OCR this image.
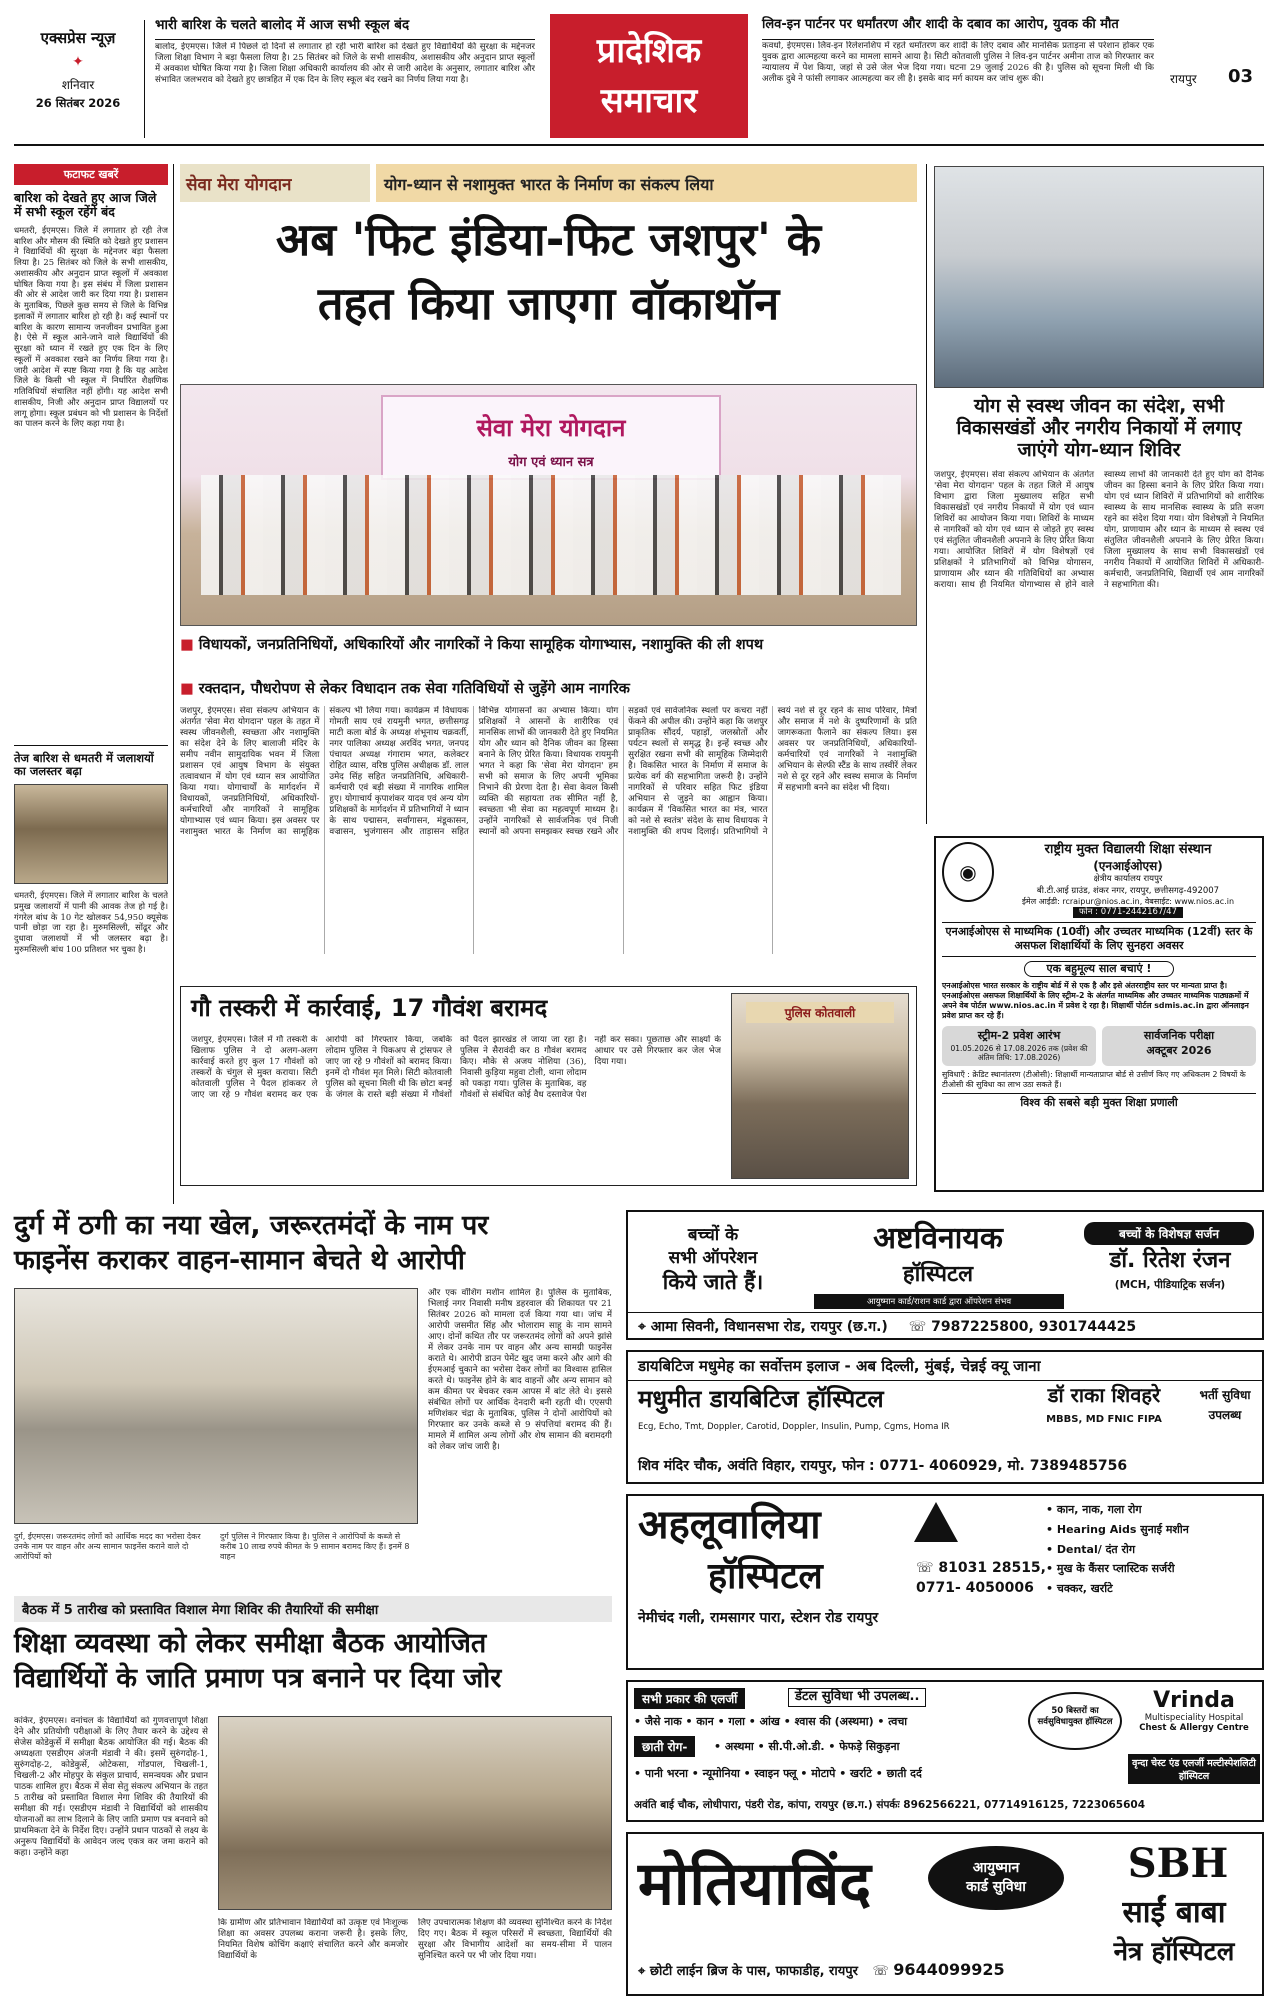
एक्सप्रेस न्यूज़
✦
शनिवार
26 सितंबर 2026
भारी बारिश के चलते बालोद में आज सभी स्कूल बंद
बालोद, ईएमएस। जिले में पिछले दो दिनों से लगातार हो रही भारी बारिश को देखते हुए विद्यार्थियों की सुरक्षा के मद्देनजर जिला शिक्षा विभाग ने बड़ा फैसला लिया है। 25 सितंबर को जिले के सभी शासकीय, अशासकीय और अनुदान प्राप्त स्कूलों में अवकाश घोषित किया गया है। जिला शिक्षा अधिकारी कार्यालय की ओर से जारी आदेश के अनुसार, लगातार बारिश और संभावित जलभराव को देखते हुए छात्रहित में एक दिन के लिए स्कूल बंद रखने का निर्णय लिया गया है।
प्रादेशिक
समाचार
लिव-इन पार्टनर पर धर्मांतरण और शादी के दबाव का आरोप, युवक की मौत
कवर्धा, ईएमएस। लिव-इन रिलेशनशिप में रहते धर्मांतरण कर शादी के लिए दबाव और मानसिक प्रताड़ना से परेशान होकर एक युवक द्वारा आत्महत्या करने का मामला सामने आया है। सिटी कोतवाली पुलिस ने लिव-इन पार्टनर अमीना ताज को गिरफ्तार कर न्यायालय में पेश किया, जहां से उसे जेल भेज दिया गया। घटना 29 जुलाई 2026 की है। पुलिस को सूचना मिली थी कि अलीक दुबे ने फांसी लगाकर आत्महत्या कर ली है। इसके बाद मर्ग कायम कर जांच शुरू की।	रायपुर 03
फटाफट खबरें
बारिश को देखते हुए आज जिले में सभी स्कूल रहेंगे बंद
धमतरी, ईएमएस। जिले में लगातार हो रही तेज बारिश और मौसम की स्थिति को देखते हुए प्रशासन ने विद्यार्थियों की सुरक्षा के मद्देनजर बड़ा फैसला लिया है। 25 सितंबर को जिले के सभी शासकीय, अशासकीय और अनुदान प्राप्त स्कूलों में अवकाश घोषित किया गया है। इस संबंध में जिला प्रशासन की ओर से आदेश जारी कर दिया गया है। प्रशासन के मुताबिक, पिछले कुछ समय से जिले के विभिन्न इलाकों में लगातार बारिश हो रही है। कई स्थानों पर बारिश के कारण सामान्य जनजीवन प्रभावित हुआ है। ऐसे में स्कूल आने-जाने वाले विद्यार्थियों की सुरक्षा को ध्यान में रखते हुए एक दिन के लिए स्कूलों में अवकाश रखने का निर्णय लिया गया है। जारी आदेश में स्पष्ट किया गया है कि यह आदेश जिले के किसी भी स्कूल में निर्धारित शैक्षणिक गतिविधियों संचालित नहीं होंगी। यह आदेश सभी शासकीय, निजी और अनुदान प्राप्त विद्यालयों पर लागू होगा। स्कूल प्रबंधन को भी प्रशासन के निर्देशों का पालन करने के लिए कहा गया है।
तेज बारिश से धमतरी में जलाशयों का जलस्तर बढ़ा
धमतरी, ईएमएस। जिले में लगातार बारिश के चलते प्रमुख जलाशयों में पानी की आवक तेज हो गई है। गंगरेल बांध के 10 गेट खोलकर 54,950 क्यूसेक पानी छोड़ा जा रहा है। मुरुमसिल्ली, सोंढूर और दुधावा जलाशयों में भी जलस्तर बढ़ा है। मुरुमसिल्ली बांध 100 प्रतिशत भर चुका है।
सेवा मेरा योगदान	योग-ध्यान से नशामुक्त भारत के निर्माण का संकल्प लिया
अब 'फिट इंडिया-फिट जशपुर' के
तहत किया जाएगा वॉकाथॉन
सेवा मेरा योगदान
योग एवं ध्यान सत्र
■ विधायकों, जनप्रतिनिधियों, अधिकारियों और नागरिकों ने किया सामूहिक योगाभ्यास, नशामुक्ति की ली शपथ
■ रक्तदान, पौधरोपण से लेकर विधादान तक सेवा गतिविधियों से जुड़ेंगे आम नागरिक
जशपुर, ईएमएस। सेवा संकल्प अभियान के अंतर्गत 'सेवा मेरा योगदान' पहल के तहत में स्वस्थ जीवनशैली, स्वच्छता और नशामुक्ति का संदेश देने के लिए बालाजी मंदिर के समीप नवीन सामुदायिक भवन में जिला प्रशासन एवं आयुष विभाग के संयुक्त तत्वावधान में योग एवं ध्यान सत्र आयोजित किया गया। योगाचार्यों के मार्गदर्शन में विधायकों, जनप्रतिनिधियों, अधिकारियों-कर्मचारियों और नागरिकों ने सामूहिक योगाभ्यास एवं ध्यान किया। इस अवसर पर नशामुक्त भारत के निर्माण का सामूहिक संकल्प भी लिया गया। कार्यक्रम में विधायक गोमती साय एवं रायमुनी भगत, छत्तीसगढ़ माटी कला बोर्ड के अध्यक्ष शंभूनाथ चक्रवर्ती, नगर पालिका अध्यक्ष अरविंद भगत, जनपद पंचायत अध्यक्ष गंगाराम भगत, कलेक्टर रोहित व्यास, वरिष्ठ पुलिस अधीक्षक डॉ. लाल उमेद सिंह सहित जनप्रतिनिधि, अधिकारी-कर्मचारी एवं बड़ी संख्या में नागरिक शामिल हुए। योगाचार्य कृपाशंकर यादव एवं अन्य योग प्रशिक्षकों के मार्गदर्शन में प्रतिभागियों ने ध्यान के साथ पद्मासन, सर्वांगासन, मंडूकासन, वज्रासन, भुजंगासन और ताड़ासन सहित विभिन्न योगासनों का अभ्यास किया। योग प्रशिक्षकों ने आसनों के शारीरिक एवं मानसिक लाभों की जानकारी देते हुए नियमित योग और ध्यान को दैनिक जीवन का हिस्सा बनाने के लिए प्रेरित किया। विधायक रायमुनी भगत ने कहा कि 'सेवा मेरा योगदान' हम सभी को समाज के लिए अपनी भूमिका निभाने की प्रेरणा देता है। सेवा केवल किसी व्यक्ति की सहायता तक सीमित नहीं है, स्वच्छता भी सेवा का महत्वपूर्ण माध्यम है। उन्होंने नागरिकों से सार्वजनिक एवं निजी स्थानों को अपना समझकर स्वच्छ रखने और सड़कों एवं सार्वजनिक स्थलों पर कचरा नहीं फेंकने की अपील की। उन्होंने कहा कि जशपुर प्राकृतिक सौंदर्य, पहाड़ों, जलस्रोतों और पर्यटन स्थलों से समृद्ध है। इन्हें स्वच्छ और सुरक्षित रखना सभी की सामूहिक जिम्मेदारी है। विकसित भारत के निर्माण में समाज के प्रत्येक वर्ग की सहभागिता जरूरी है। उन्होंने नागरिकों से परिवार सहित फिट इंडिया अभियान से जुड़ने का आह्वान किया। कार्यक्रम में 'विकसित भारत का मंत्र, भारत को नशे से स्वतंत्र' संदेश के साथ विधायक ने नशामुक्ति की शपथ दिलाई। प्रतिभागियों ने स्वयं नशे से दूर रहने के साथ परिवार, मित्रों और समाज में नशे के दुष्परिणामों के प्रति जागरूकता फैलाने का संकल्प लिया। इस अवसर पर जनप्रतिनिधियों, अधिकारियों-कर्मचारियों एवं नागरिकों ने नशामुक्ति अभियान के सेल्फी स्टैंड के साथ तस्वीरें लेकर नशे से दूर रहने और स्वस्थ समाज के निर्माण में सहभागी बनने का संदेश भी दिया।
योग से स्वस्थ जीवन का संदेश, सभी विकासखंडों और नगरीय निकायों में लगाए जाएंगे योग-ध्यान शिविर
जशपुर, ईएमएस। सेवा संकल्प अभियान के अंतर्गत 'सेवा मेरा योगदान' पहल के तहत जिले में आयुष विभाग द्वारा जिला मुख्यालय सहित सभी विकासखंडों एवं नगरीय निकायों में योग एवं ध्यान शिविरों का आयोजन किया गया। शिविरों के माध्यम से नागरिकों को योग एवं ध्यान से जोड़ते हुए स्वस्थ एवं संतुलित जीवनशैली अपनाने के लिए प्रेरित किया गया। आयोजित शिविरों में योग विशेषज्ञों एवं प्रशिक्षकों ने प्रतिभागियों को विभिन्न योगासन, प्राणायाम और ध्यान की गतिविधियों का अभ्यास कराया। साथ ही नियमित योगाभ्यास से होने वाले स्वास्थ्य लाभों की जानकारी देते हुए योग को दैनिक जीवन का हिस्सा बनाने के लिए प्रेरित किया गया। योग एवं ध्यान शिविरों में प्रतिभागियों को शारीरिक स्वास्थ्य के साथ मानसिक स्वास्थ्य के प्रति सजग रहने का संदेश दिया गया। योग विशेषज्ञों ने नियमित योग, प्राणायाम और ध्यान के माध्यम से स्वस्थ एवं संतुलित जीवनशैली अपनाने के लिए प्रेरित किया। जिला मुख्यालय के साथ सभी विकासखंडों एवं नगरीय निकायों में आयोजित शिविरों में अधिकारी-कर्मचारी, जनप्रतिनिधि, विद्यार्थी एवं आम नागरिकों ने सहभागिता की।
◉
राष्ट्रीय मुक्त विद्यालयी शिक्षा संस्थान
(एनआईओएस)
क्षेत्रीय कार्यालय रायपुर
बी.टी.आई ग्राउंड, शंकर नगर, रायपुर, छत्तीसगढ़-492007
ईमेल आईडी: rcraipur@nios.ac.in, वेबसाईट: www.nios.ac.in
फोन : 0771-2442167/47
एनआईओएस से माध्यमिक (10वीं) और उच्चतर माध्यमिक (12वीं) स्तर के असफल शिक्षार्थियों के लिए सुनहरा अवसर
एक बहुमूल्य साल बचाएं !
एनआईओएस भारत सरकार के राष्ट्रीय बोर्ड में से एक है और इसे अंतरराष्ट्रीय स्तर पर मान्यता प्राप्त है। एनआईओएस असफल शिक्षार्थियों के लिए स्ट्रीम-2 के अंतर्गत माध्यमिक और उच्चतर माध्यमिक पाठ्यक्रमों में अपने वेब पोर्टल www.nios.ac.in में प्रवेश दे रहा है। शिक्षार्थी पोर्टल sdmis.ac.in द्वारा ऑनलाइन प्रवेश प्राप्त कर रहे हैं।
स्ट्रीम-2 प्रवेश आरंभ
01.05.2026 से 17.08.2026 तक (प्रवेश की अंतिम तिथि: 17.08.2026)
सार्वजनिक परीक्षा
अक्टूबर 2026
सुविधाएँ : क्रेडिट स्थानांतरण (टीओसी): शिक्षार्थी मान्यताप्राप्त बोर्ड से उत्तीर्ण किए गए अधिकतम 2 विषयों के टीओसी की सुविधा का लाभ उठा सकते हैं।
विश्व की सबसे बड़ी मुक्त शिक्षा प्रणाली
गौ तस्करी में कार्रवाई, 17 गौवंश बरामद
जशपुर, ईएमएस। जिले में गौ तस्करी के खिलाफ पुलिस ने दो अलग-अलग कार्रवाई करते हुए कुल 17 गौवंशों को तस्करों के चंगुल से मुक्त कराया। सिटी कोतवाली पुलिस ने पैदल हांककर ले जाए जा रहे 9 गौवंश बरामद कर एक आरोपी को गिरफ्तार किया, जबकि लोदाम पुलिस ने पिकअप से ट्रांसफर ले जाए जा रहे 9 गौवंशों को बरामद किया। इनमें दो गौवंश मृत मिले। सिटी कोतवाली पुलिस को सूचना मिली थी कि छोटा बनई के जंगल के रास्ते बड़ी संख्या में गौवंशों को पैदल झारखंड ले जाया जा रहा है। पुलिस ने सैरावंदी कर 8 गौवंश बरामद किए। मौके से अजय नोशिया (36), निवासी कुड़िया महुवा टोली, थाना लोदाम को पकड़ा गया। पुलिस के मुताबिक, वह गौवंशों से संबंधित कोई वैध दस्तावेज पेश नहीं कर सका। पूछताछ और साक्ष्यों के आधार पर उसे गिरफ्तार कर जेल भेज दिया गया।
पुलिस कोतवाली
दुर्ग में ठगी का नया खेल, जरूरतमंदों के नाम पर
फाइनेंस कराकर वाहन-सामान बेचते थे आरोपी
दुर्ग, ईएमएस। जरूरतमंद लोगों को आर्थिक मदद का भरोसा देकर उनके नाम पर वाहन और अन्य सामान फाइनेंस कराने वाले दो आरोपियों को
दुर्ग पुलिस ने गिरफ्तार किया है। पुलिस ने आरोपियों के कब्जे से करीब 10 लाख रुपये कीमत के 9 सामान बरामद किए हैं। इनमें 8 वाहन
और एक वॉशिंग मशीन शामिल है। पुलिस के मुताबिक, भिलाई नगर निवासी मनीष डहरवाल की शिकायत पर 21 सितंबर 2026 को मामला दर्ज किया गया था। जांच में आरोपी जसमीत सिंह और भोलाराम साहू के नाम सामने आए। दोनों कथित तौर पर जरूरतमंद लोगों को अपने झांसे में लेकर उनके नाम पर वाहन और अन्य सामग्री फाइनेंस कराते थे। आरोपी डाउन पेमेंट खुद जमा करने और आगे की ईएमआई चुकाने का भरोसा देकर लोगों का विश्वास हासिल करते थे। फाइनेंस होने के बाद वाहनों और अन्य सामान को कम कीमत पर बेचकर रकम आपस में बांट लेते थे। इससे संबंधित लोगों पर आर्थिक देनदारी बनी रहती थी। एएसपी मणिशंकर चंद्रा के मुताबिक, पुलिस ने दोनों आरोपियों को गिरफ्तार कर उनके कब्जे से 9 संपत्तियां बरामद की हैं। मामले में शामिल अन्य लोगों और शेष सामान की बरामदगी को लेकर जांच जारी है।
बैठक में 5 तारीख को प्रस्तावित विशाल मेगा शिविर की तैयारियों की समीक्षा
शिक्षा व्यवस्था को लेकर समीक्षा बैठक आयोजित
विद्यार्थियों के जाति प्रमाण पत्र बनाने पर दिया जोर
कांकेर, ईएमएस। वनांचल के विद्यार्थियों को गुणवत्तापूर्ण शिक्षा देने और प्रतियोगी परीक्षाओं के लिए तैयार करने के उद्देश्य से सेजेस कोडेकुर्से में समीक्षा बैठक आयोजित की गई। बैठक की अध्यक्षता एसडीएम अंजनी मंडावी ने की। इसमें सुरुंगदोह-1, सुरुंगदोह-2, कोडेकुर्से, ओटेकसा, गोंडपाल, चिखली-1, चिखली-2 और मोहपुर के संकुल प्राचार्य, समन्वयक और प्रधान पाठक शामिल हुए। बैठक में सेवा सेतु संकल्प अभियान के तहत 5 तारीख को प्रस्तावित विशाल मेगा शिविर की तैयारियों की समीक्षा की गई। एसडीएम मंडावी ने विद्यार्थियों को शासकीय योजनाओं का लाभ दिलाने के लिए जाति प्रमाण पत्र बनवाने को प्राथमिकता देने के निर्देश दिए। उन्होंने प्रधान पाठकों से लक्ष्य के अनुरूप विद्यार्थियों के आवेदन जल्द एकत्र कर जमा कराने को कहा। उन्होंने कहा
कि ग्रामीण और प्रतिभावान विद्यार्थियों को उत्कृष्ट एवं निःशुल्क शिक्षा का अवसर उपलब्ध कराना जरूरी है। इसके लिए, नियमित विशेष कोचिंग कक्षाएं संचालित करने और कमजोर विद्यार्थियों के
लिए उपचारात्मक शिक्षण की व्यवस्था सुनिश्चित करने के निर्देश दिए गए। बैठक में स्कूल परिसरों में स्वच्छता, विद्यार्थियों की सुरक्षा और विभागीय आदेशों का समय-सीमा में पालन सुनिश्चित करने पर भी जोर दिया गया।
बच्चों के
सभी ऑपरेशन
किये जाते हैं।
अष्टविनायक
हॉस्पिटल
आयुष्मान कार्ड/राशन कार्ड द्वारा ऑपरेशन संभव
बच्चों के विशेषज्ञ सर्जन
डॉ. रितेश रंजन
(MCH, पीडियाट्रिक सर्जन)
⌖ आमा सिवनी, विधानसभा रोड, रायपुर (छ.ग.) ☏ 7987225800, 9301744425
डायबिटिज मधुमेह का सर्वोत्तम इलाज - अब दिल्ली, मुंबई, चेन्नई क्यू जाना
मधुमीत डायबिटिज हॉस्पिटल
Ecg, Echo, Tmt, Doppler, Carotid, Doppler, Insulin, Pump, Cgms, Homa IR
डॉ राका शिवहरे
MBBS, MD FNIC FIPA
भर्ती सुविधा
उपलब्ध
शिव मंदिर चौक, अवंति विहार, रायपुर, फोन : 0771- 4060929, मो. 7389485756
अहलूवालिया
हॉस्पिटल	☏ 81031 28515,
0771- 4050006
• कान, नाक, गला रोग
• Hearing Aids सुनाई मशीन
• Dental/ दंत रोग
• मुख के कैंसर प्लास्टिक सर्जरी
• चक्कर, खर्राटे
नेमीचंद गली, रामसागर पारा, स्टेशन रोड रायपुर
सभी प्रकार की एलर्जी	डेंटल सुविधा भी उपलब्ध..
• जैसे नाक • कान • गला • आंख • श्वास की (अस्थमा) • त्वचा
छाती रोग-	• अस्थमा • सी.पी.ओ.डी. • फेफड़े सिकुड़ना
• पानी भरना • न्यूमोनिया • स्वाइन फ्लू • मोटापे • खर्राटे • छाती दर्द
50 बिस्तरों का सर्वसुविधायुक्त हॉस्पिटल
Vrinda
Multispeciality Hospital
Chest & Allergy Centre
वृन्दा चेस्ट एंड एलर्जी मल्टीस्पेशलिटी हॉस्पिटल
अवंति बाई चौक, लोधीपारा, पंडरी रोड, कांपा, रायपुर (छ.ग.) संपर्कः 8962566221, 07714916125, 7223065604
मोतियाबिंद	आयुष्मान
कार्ड सुविधा	SBH
साईं बाबा
नेत्र हॉस्पिटल
⌖ छोटी लाईन ब्रिज के पास, फाफाडीह, रायपुर ☏ 9644099925
